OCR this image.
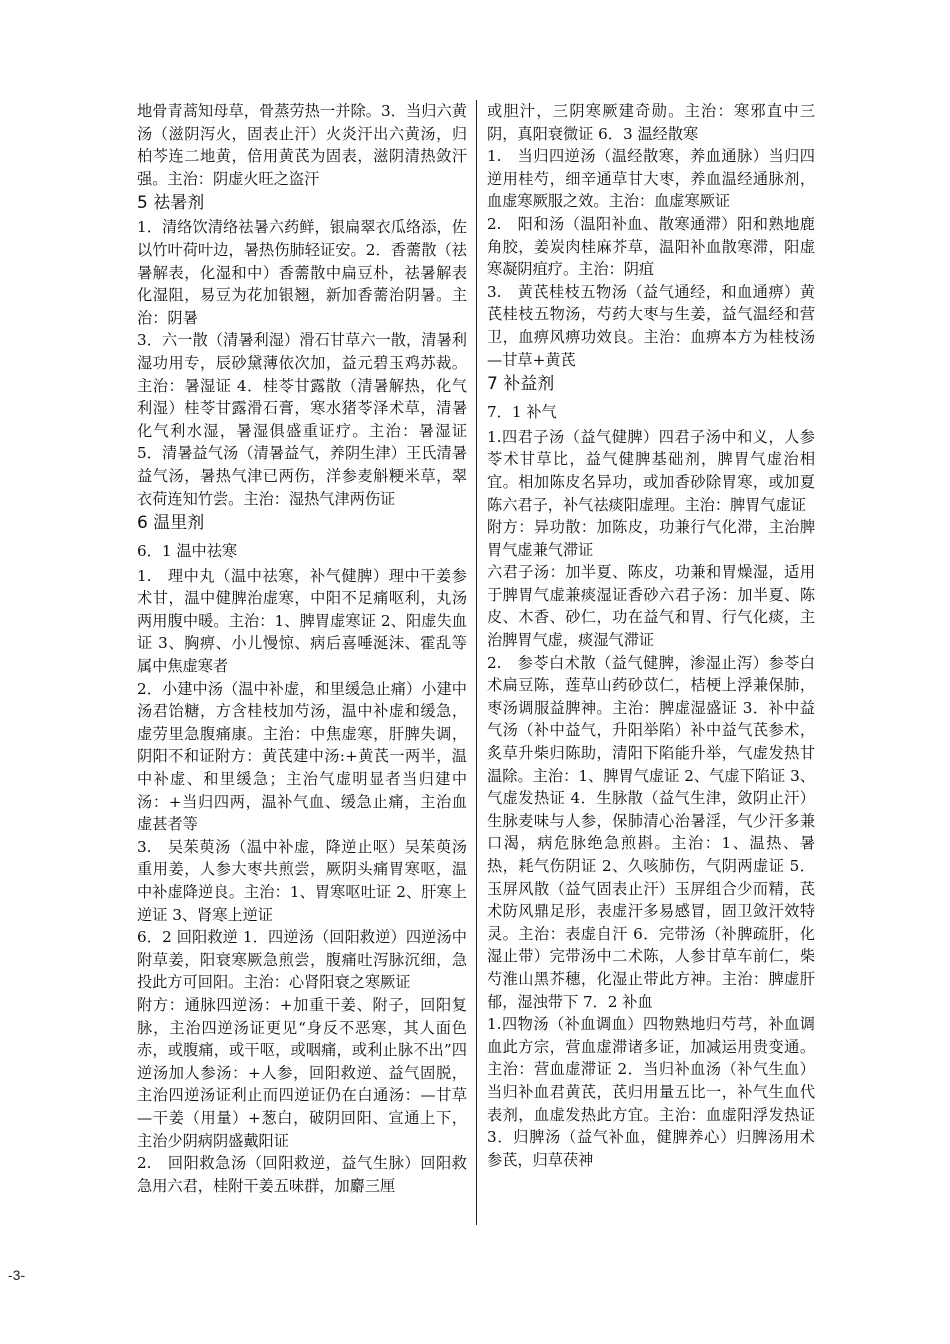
地骨青蒿知母草，骨蒸劳热一并除。3．当归六黄汤（滋阴泻火，固表止汗）火炎汗出六黄汤，归柏芩连二地黄，倍用黄芪为固表，滋阴清热敛汗强。主治：阴虚火旺之盗汗

5 祛暑剂

1．清络饮清络祛暑六药鲜，银扁翠衣瓜络添，佐以竹叶荷叶边，暑热伤肺轻证安。2．香薷散（祛暑解表，化湿和中）香薷散中扁豆朴，祛暑解表化湿阻，易豆为花加银翘，新加香薷治阴暑。主治：阴暑

3．六一散（清暑利湿）滑石甘草六一散，清暑利湿功用专，辰砂黛薄依次加，益元碧玉鸡苏裁。主治：暑湿证 4．桂苓甘露散（清暑解热，化气利湿）桂苓甘露滑石膏，寒水猪苓泽术草，清暑化气利水湿，暑湿俱盛重证疗。主治：暑湿证 5．清暑益气汤（清暑益气，养阴生津）王氏清暑益气汤，暑热气津已两伤，洋参麦斛粳米草，翠衣荷连知竹尝。主治：湿热气津两伤证

6 温里剂

6．1 温中祛寒

1.　理中丸（温中祛寒，补气健脾）理中干姜参术甘，温中健脾治虚寒，中阳不足痛呕利，丸汤两用腹中暖。主治：1、脾胃虚寒证 2、阳虚失血证 3、胸痹、小儿慢惊、病后喜唾涎沫、霍乱等属中焦虚寒者

2．小建中汤（温中补虚，和里缓急止痛）小建中汤君饴糖，方含桂枝加芍汤，温中补虚和缓急，虚劳里急腹痛康。主治：中焦虚寒，肝脾失调，阴阳不和证附方：黄芪建中汤:+黄芪一两半，温中补虚、和里缓急；主治气虚明显者当归建中汤：+当归四两，温补气血、缓急止痛，主治血虚甚者等

3.　吴茱萸汤（温中补虚，降逆止呕）吴茱萸汤重用姜，人参大枣共煎尝，厥阴头痛胃寒呕，温中补虚降逆良。主治：1、胃寒呕吐证 2、肝寒上逆证 3、肾寒上逆证

6．2 回阳救逆 1．四逆汤（回阳救逆）四逆汤中附草姜，阳衰寒厥急煎尝，腹痛吐泻脉沉细，急投此方可回阳。主治：心肾阳衰之寒厥证

附方：通脉四逆汤：+加重干姜、附子，回阳复脉，主治四逆汤证更见“身反不恶寒，其人面色赤，或腹痛，或干呕，或咽痛，或利止脉不出”四逆汤加人参汤：+人参，回阳救逆、益气固脱，主治四逆汤证利止而四逆证仍在白通汤：—甘草—干姜（用量）+葱白，破阴回阳、宣通上下，主治少阴病阴盛戴阳证

2.　回阳救急汤（回阳救逆，益气生脉）回阳救急用六君，桂附干姜五味群，加麝三厘

或胆汁，三阴寒厥建奇勋。主治：寒邪直中三阴，真阳衰微证 6．3 温经散寒

1.　当归四逆汤（温经散寒，养血通脉）当归四逆用桂芍，细辛通草甘大枣，养血温经通脉剂，血虚寒厥服之效。主治：血虚寒厥证

2.　阳和汤（温阳补血、散寒通滞）阳和熟地鹿角胶，姜炭肉桂麻芥草，温阳补血散寒滞，阳虚寒凝阴疽疗。主治：阴疽

3.　黄芪桂枝五物汤（益气通经，和血通痹）黄芪桂枝五物汤，芍药大枣与生姜，益气温经和营卫，血痹风痹功效良。主治：血痹本方为桂枝汤—甘草+黄芪

7 补益剂

7．1 补气

1.四君子汤（益气健脾）四君子汤中和义，人参苓术甘草比，益气健脾基础剂，脾胃气虚治相宜。相加陈皮名异功，或加香砂除胃寒，或加夏陈六君子，补气祛痰阳虚理。主治：脾胃气虚证

附方：异功散：加陈皮，功兼行气化滞，主治脾胃气虚兼气滞证

六君子汤：加半夏、陈皮，功兼和胃燥湿，适用于脾胃气虚兼痰湿证香砂六君子汤：加半夏、陈皮、木香、砂仁，功在益气和胃、行气化痰，主治脾胃气虚，痰湿气滞证

2.　参苓白术散（益气健脾，渗湿止泻）参苓白术扁豆陈，莲草山药砂苡仁，桔梗上浮兼保肺，枣汤调服益脾神。主治：脾虚湿盛证 3．补中益气汤（补中益气，升阳举陷）补中益气芪参术，炙草升柴归陈助，清阳下陷能升举，气虚发热甘温除。主治：1、脾胃气虚证 2、气虚下陷证 3、气虚发热证 4．生脉散（益气生津，敛阴止汗）生脉麦味与人参，保肺清心治暑淫，气少汗多兼口渴，病危脉绝急煎斟。主治：1、温热、暑热，耗气伤阴证 2、久咳肺伤，气阴两虚证 5．玉屏风散（益气固表止汗）玉屏组合少而精，芪术防风鼎足形，表虚汗多易感冒，固卫敛汗效特灵。主治：表虚自汗 6．完带汤（补脾疏肝，化湿止带）完带汤中二术陈，人参甘草车前仁，柴芍淮山黑芥穗，化湿止带此方神。主治：脾虚肝郁，湿浊带下 7．2 补血

1.四物汤（补血调血）四物熟地归芍芎，补血调血此方宗，营血虚滞诸多证，加减运用贵变通。主治：营血虚滞证 2．当归补血汤（补气生血）当归补血君黄芪，芪归用量五比一，补气生血代表剂，血虚发热此方宜。主治：血虚阳浮发热证 3．归脾汤（益气补血，健脾养心）归脾汤用术参芪，归草茯神

-3-
